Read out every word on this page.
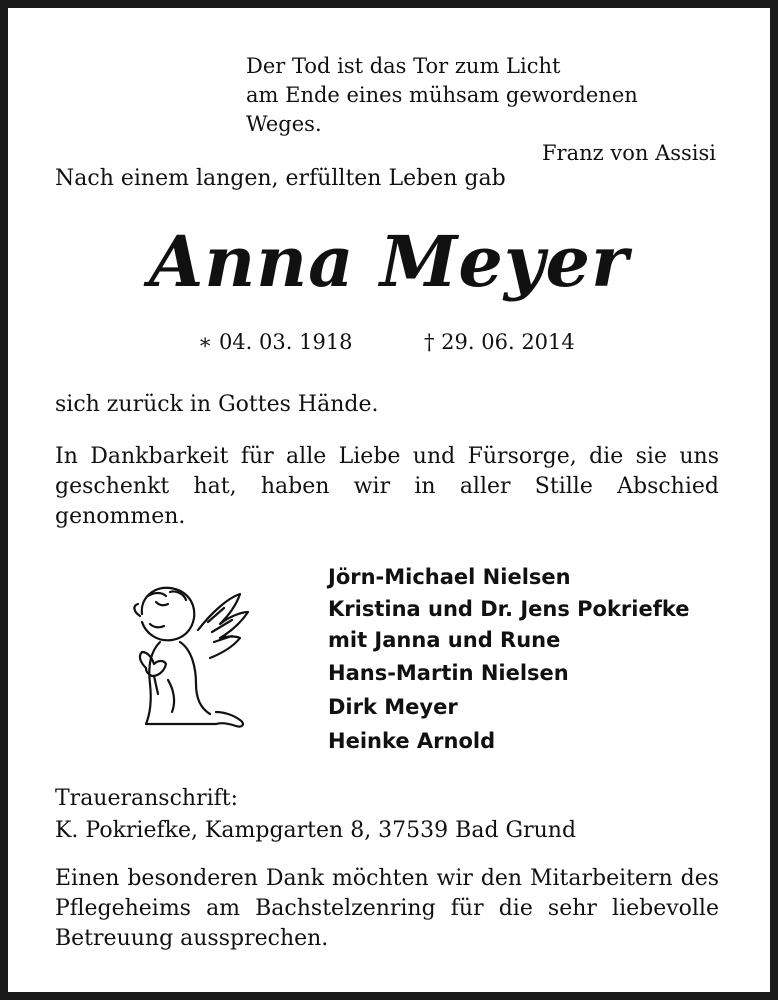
Der Tod ist das Tor zum Licht
am Ende eines mühsam gewordenen Weges.
Franz von Assisi
Nach einem langen, erfüllten Leben gab
Anna Meyer
∗ 04. 03. 1918	† 29. 06. 2014
sich zurück in Gottes Hände.
In Dankbarkeit für alle Liebe und Fürsorge, die sie uns geschenkt hat, haben wir in aller Stille Abschied genommen.
Jörn-Michael Nielsen
Kristina und Dr. Jens Pokriefke
mit Janna und Rune
Hans-Martin Nielsen
Dirk Meyer
Heinke Arnold
Traueranschrift:
K. Pokriefke, Kampgarten 8, 37539 Bad Grund
Einen besonderen Dank möchten wir den Mitarbeitern des Pflegeheims am Bachstelzenring für die sehr liebevolle Betreuung aussprechen.
